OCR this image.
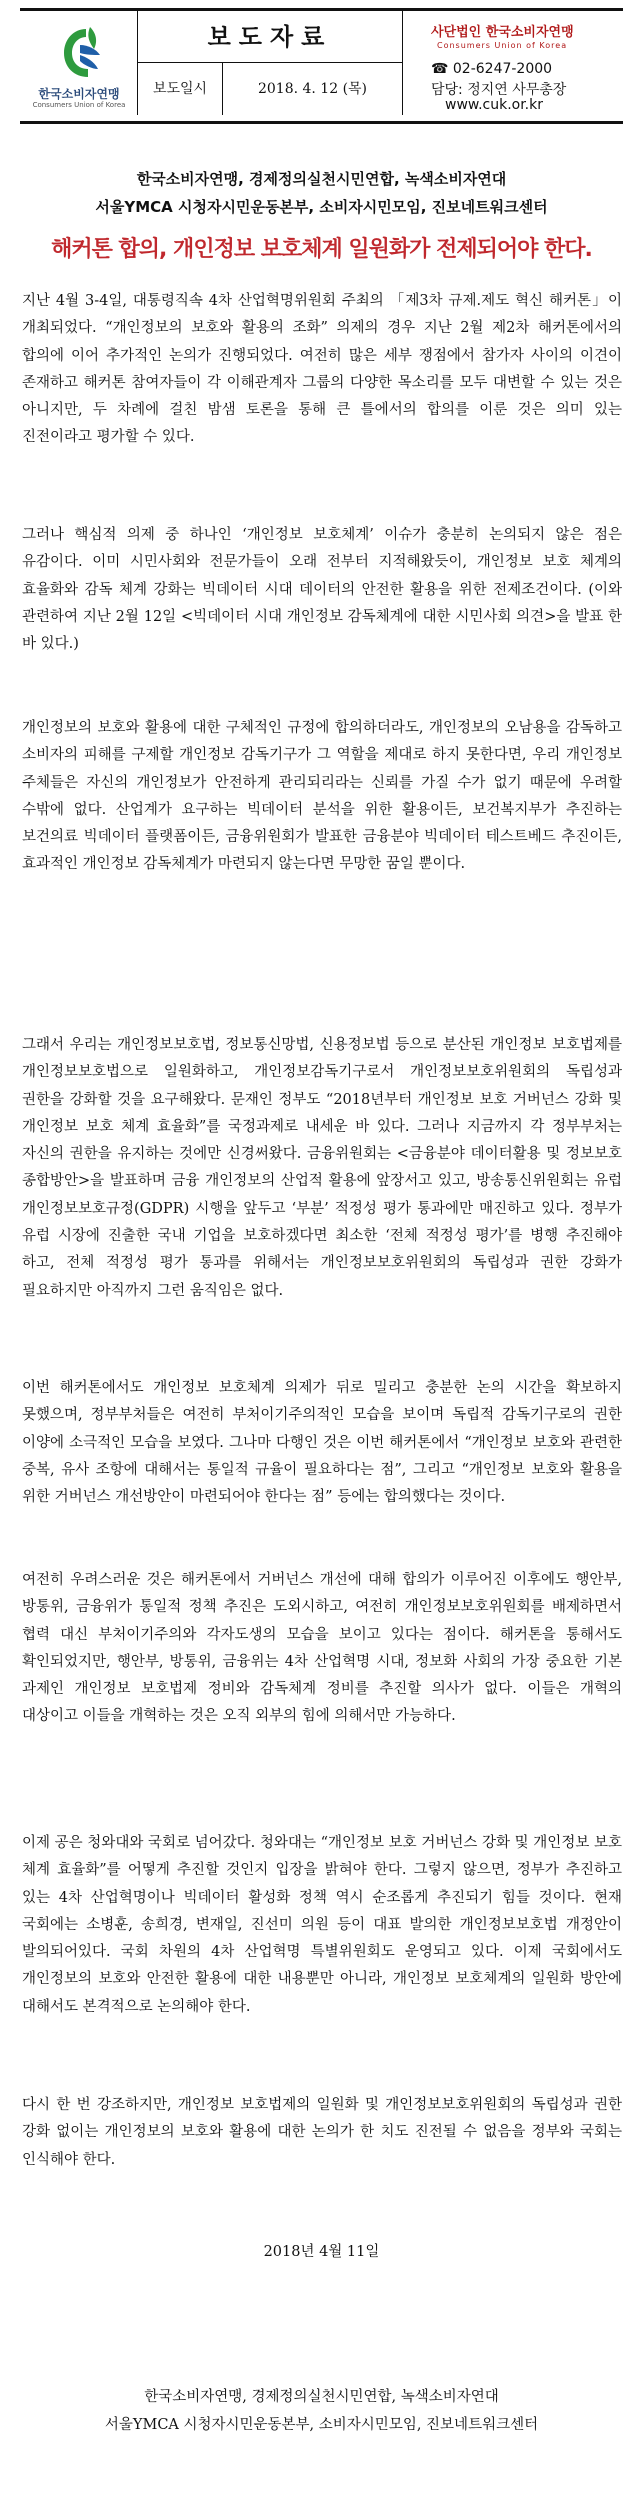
한국소비자연맹
Consumers Union of Korea
보도자료
보도일시	2018. 4. 12 (목)
사단법인 한국소비자연맹
Consumers Union of Korea
☎ 02-6247-2000
담당: 정지연 사무총장
www.cuk.or.kr
한국소비자연맹, 경제정의실천시민연합, 녹색소비자연대
서울YMCA 시청자시민운동본부, 소비자시민모임, 진보네트워크센터
해커톤 합의, 개인정보 보호체계 일원화가 전제되어야 한다.
지난 4월 3-4일, 대통령직속 4차 산업혁명위원회 주최의 「제3차 규제.제도 혁신 해커톤」이 개최되었다. “개인정보의 보호와 활용의 조화” 의제의 경우 지난 2월 제2차 해커톤에서의 합의에 이어 추가적인 논의가 진행되었다. 여전히 많은 세부 쟁점에서 참가자 사이의 이견이 존재하고 해커톤 참여자들이 각 이해관계자 그룹의 다양한 목소리를 모두 대변할 수 있는 것은 아니지만, 두 차례에 걸친 밤샘 토론을 통해 큰 틀에서의 합의를 이룬 것은 의미 있는 진전이라고 평가할 수 있다.
그러나 핵심적 의제 중 하나인 ‘개인정보 보호체계’ 이슈가 충분히 논의되지 않은 점은 유감이다. 이미 시민사회와 전문가들이 오래 전부터 지적해왔듯이, 개인정보 보호 체계의 효율화와 감독 체계 강화는 빅데이터 시대 데이터의 안전한 활용을 위한 전제조건이다. (이와 관련하여 지난 2월 12일 <빅데이터 시대 개인정보 감독체계에 대한 시민사회 의견>을 발표 한 바 있다.)
개인정보의 보호와 활용에 대한 구체적인 규정에 합의하더라도, 개인정보의 오남용을 감독하고 소비자의 피해를 구제할 개인정보 감독기구가 그 역할을 제대로 하지 못한다면, 우리 개인정보 주체들은 자신의 개인정보가 안전하게 관리되리라는 신뢰를 가질 수가 없기 때문에 우려할 수밖에 없다. 산업계가 요구하는 빅데이터 분석을 위한 활용이든, 보건복지부가 추진하는 보건의료 빅데이터 플랫폼이든, 금융위원회가 발표한 금융분야 빅데이터 테스트베드 추진이든, 효과적인 개인정보 감독체계가 마련되지 않는다면 무망한 꿈일 뿐이다.
그래서 우리는 개인정보보호법, 정보통신망법, 신용정보법 등으로 분산된 개인정보 보호법제를 개인정보보호법으로 일원화하고, 개인정보감독기구로서 개인정보보호위원회의 독립성과 권한을 강화할 것을 요구해왔다. 문재인 정부도 “2018년부터 개인정보 보호 거버넌스 강화 및 개인정보 보호 체계 효율화”를 국정과제로 내세운 바 있다. 그러나 지금까지 각 정부부처는 자신의 권한을 유지하는 것에만 신경써왔다. 금융위원회는 <금융분야 데이터활용 및 정보보호 종합방안>을 발표하며 금융 개인정보의 산업적 활용에 앞장서고 있고, 방송통신위원회는 유럽 개인정보보호규정(GDPR) 시행을 앞두고 ‘부분’ 적정성 평가 통과에만 매진하고 있다. 정부가 유럽 시장에 진출한 국내 기업을 보호하겠다면 최소한 ‘전체 적정성 평가’를 병행 추진해야 하고, 전체 적정성 평가 통과를 위해서는 개인정보보호위원회의 독립성과 권한 강화가 필요하지만 아직까지 그런 움직임은 없다.
이번 해커톤에서도 개인정보 보호체계 의제가 뒤로 밀리고 충분한 논의 시간을 확보하지 못했으며, 정부부처들은 여전히 부처이기주의적인 모습을 보이며 독립적 감독기구로의 권한 이양에 소극적인 모습을 보였다. 그나마 다행인 것은 이번 해커톤에서 “개인정보 보호와 관련한 중복, 유사 조항에 대해서는 통일적 규율이 필요하다는 점”, 그리고 “개인정보 보호와 활용을 위한 거버넌스 개선방안이 마련되어야 한다는 점” 등에는 합의했다는 것이다.
여전히 우려스러운 것은 해커톤에서 거버넌스 개선에 대해 합의가 이루어진 이후에도 행안부, 방통위, 금융위가 통일적 정책 추진은 도외시하고, 여전히 개인정보보호위원회를 배제하면서 협력 대신 부처이기주의와 각자도생의 모습을 보이고 있다는 점이다. 해커톤을 통해서도 확인되었지만, 행안부, 방통위, 금융위는 4차 산업혁명 시대, 정보화 사회의 가장 중요한 기본 과제인 개인정보 보호법제 정비와 감독체계 정비를 추진할 의사가 없다. 이들은 개혁의 대상이고 이들을 개혁하는 것은 오직 외부의 힘에 의해서만 가능하다.
이제 공은 청와대와 국회로 넘어갔다. 청와대는 “개인정보 보호 거버넌스 강화 및 개인정보 보호 체계 효율화”를 어떻게 추진할 것인지 입장을 밝혀야 한다. 그렇지 않으면, 정부가 추진하고 있는 4차 산업혁명이나 빅데이터 활성화 정책 역시 순조롭게 추진되기 힘들 것이다. 현재 국회에는 소병훈, 송희경, 변재일, 진선미 의원 등이 대표 발의한 개인정보보호법 개정안이 발의되어있다. 국회 차원의 4차 산업혁명 특별위원회도 운영되고 있다. 이제 국회에서도 개인정보의 보호와 안전한 활용에 대한 내용뿐만 아니라, 개인정보 보호체계의 일원화 방안에 대해서도 본격적으로 논의해야 한다.
다시 한 번 강조하지만, 개인정보 보호법제의 일원화 및 개인정보보호위원회의 독립성과 권한 강화 없이는 개인정보의 보호와 활용에 대한 논의가 한 치도 진전될 수 없음을 정부와 국회는 인식해야 한다.
2018년 4월 11일
한국소비자연맹, 경제정의실천시민연합, 녹색소비자연대
서울YMCA 시청자시민운동본부, 소비자시민모임, 진보네트워크센터
